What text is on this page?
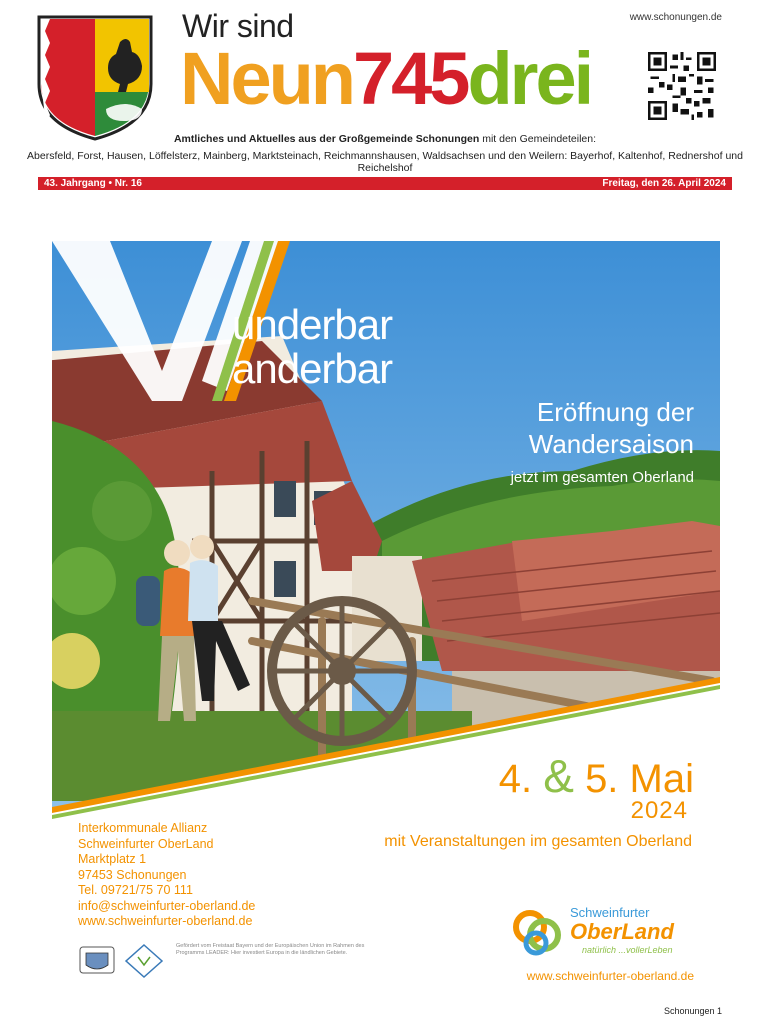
Wir sind	www.schonungen.de
Neun745drei
Amtliches und Aktuelles aus der Großgemeinde Schonungen mit den Gemeindeteilen:
Abersfeld, Forst, Hausen, Löffelsterz, Mainberg, Marktsteinach, Reichmannshausen, Waldsachsen und den Weilern: Bayerhof, Kaltenhof, Rednershof und Reichelshof
43. Jahrgang • Nr. 16	Freitag, den 26. April 2024
underbar
anderbar
Eröffnung der
Wandersaison
jetzt im gesamten Oberland
4. & 5. Mai
2024
mit Veranstaltungen im gesamten Oberland
Interkommunale Allianz
Schweinfurter OberLand
Marktplatz 1
97453 Schonungen
Tel. 09721/75 70 111
info@schweinfurter-oberland.de
www.schweinfurter-oberland.de
Gefördert vom Freistaat Bayern und der Europäischen Union im Rahmen des Programms LEADER: Hier investiert Europa in die ländlichen Gebiete.
Schweinfurter
OberLand
natürlich ...vollerLeben
www.schweinfurter-oberland.de
Schonungen 1
